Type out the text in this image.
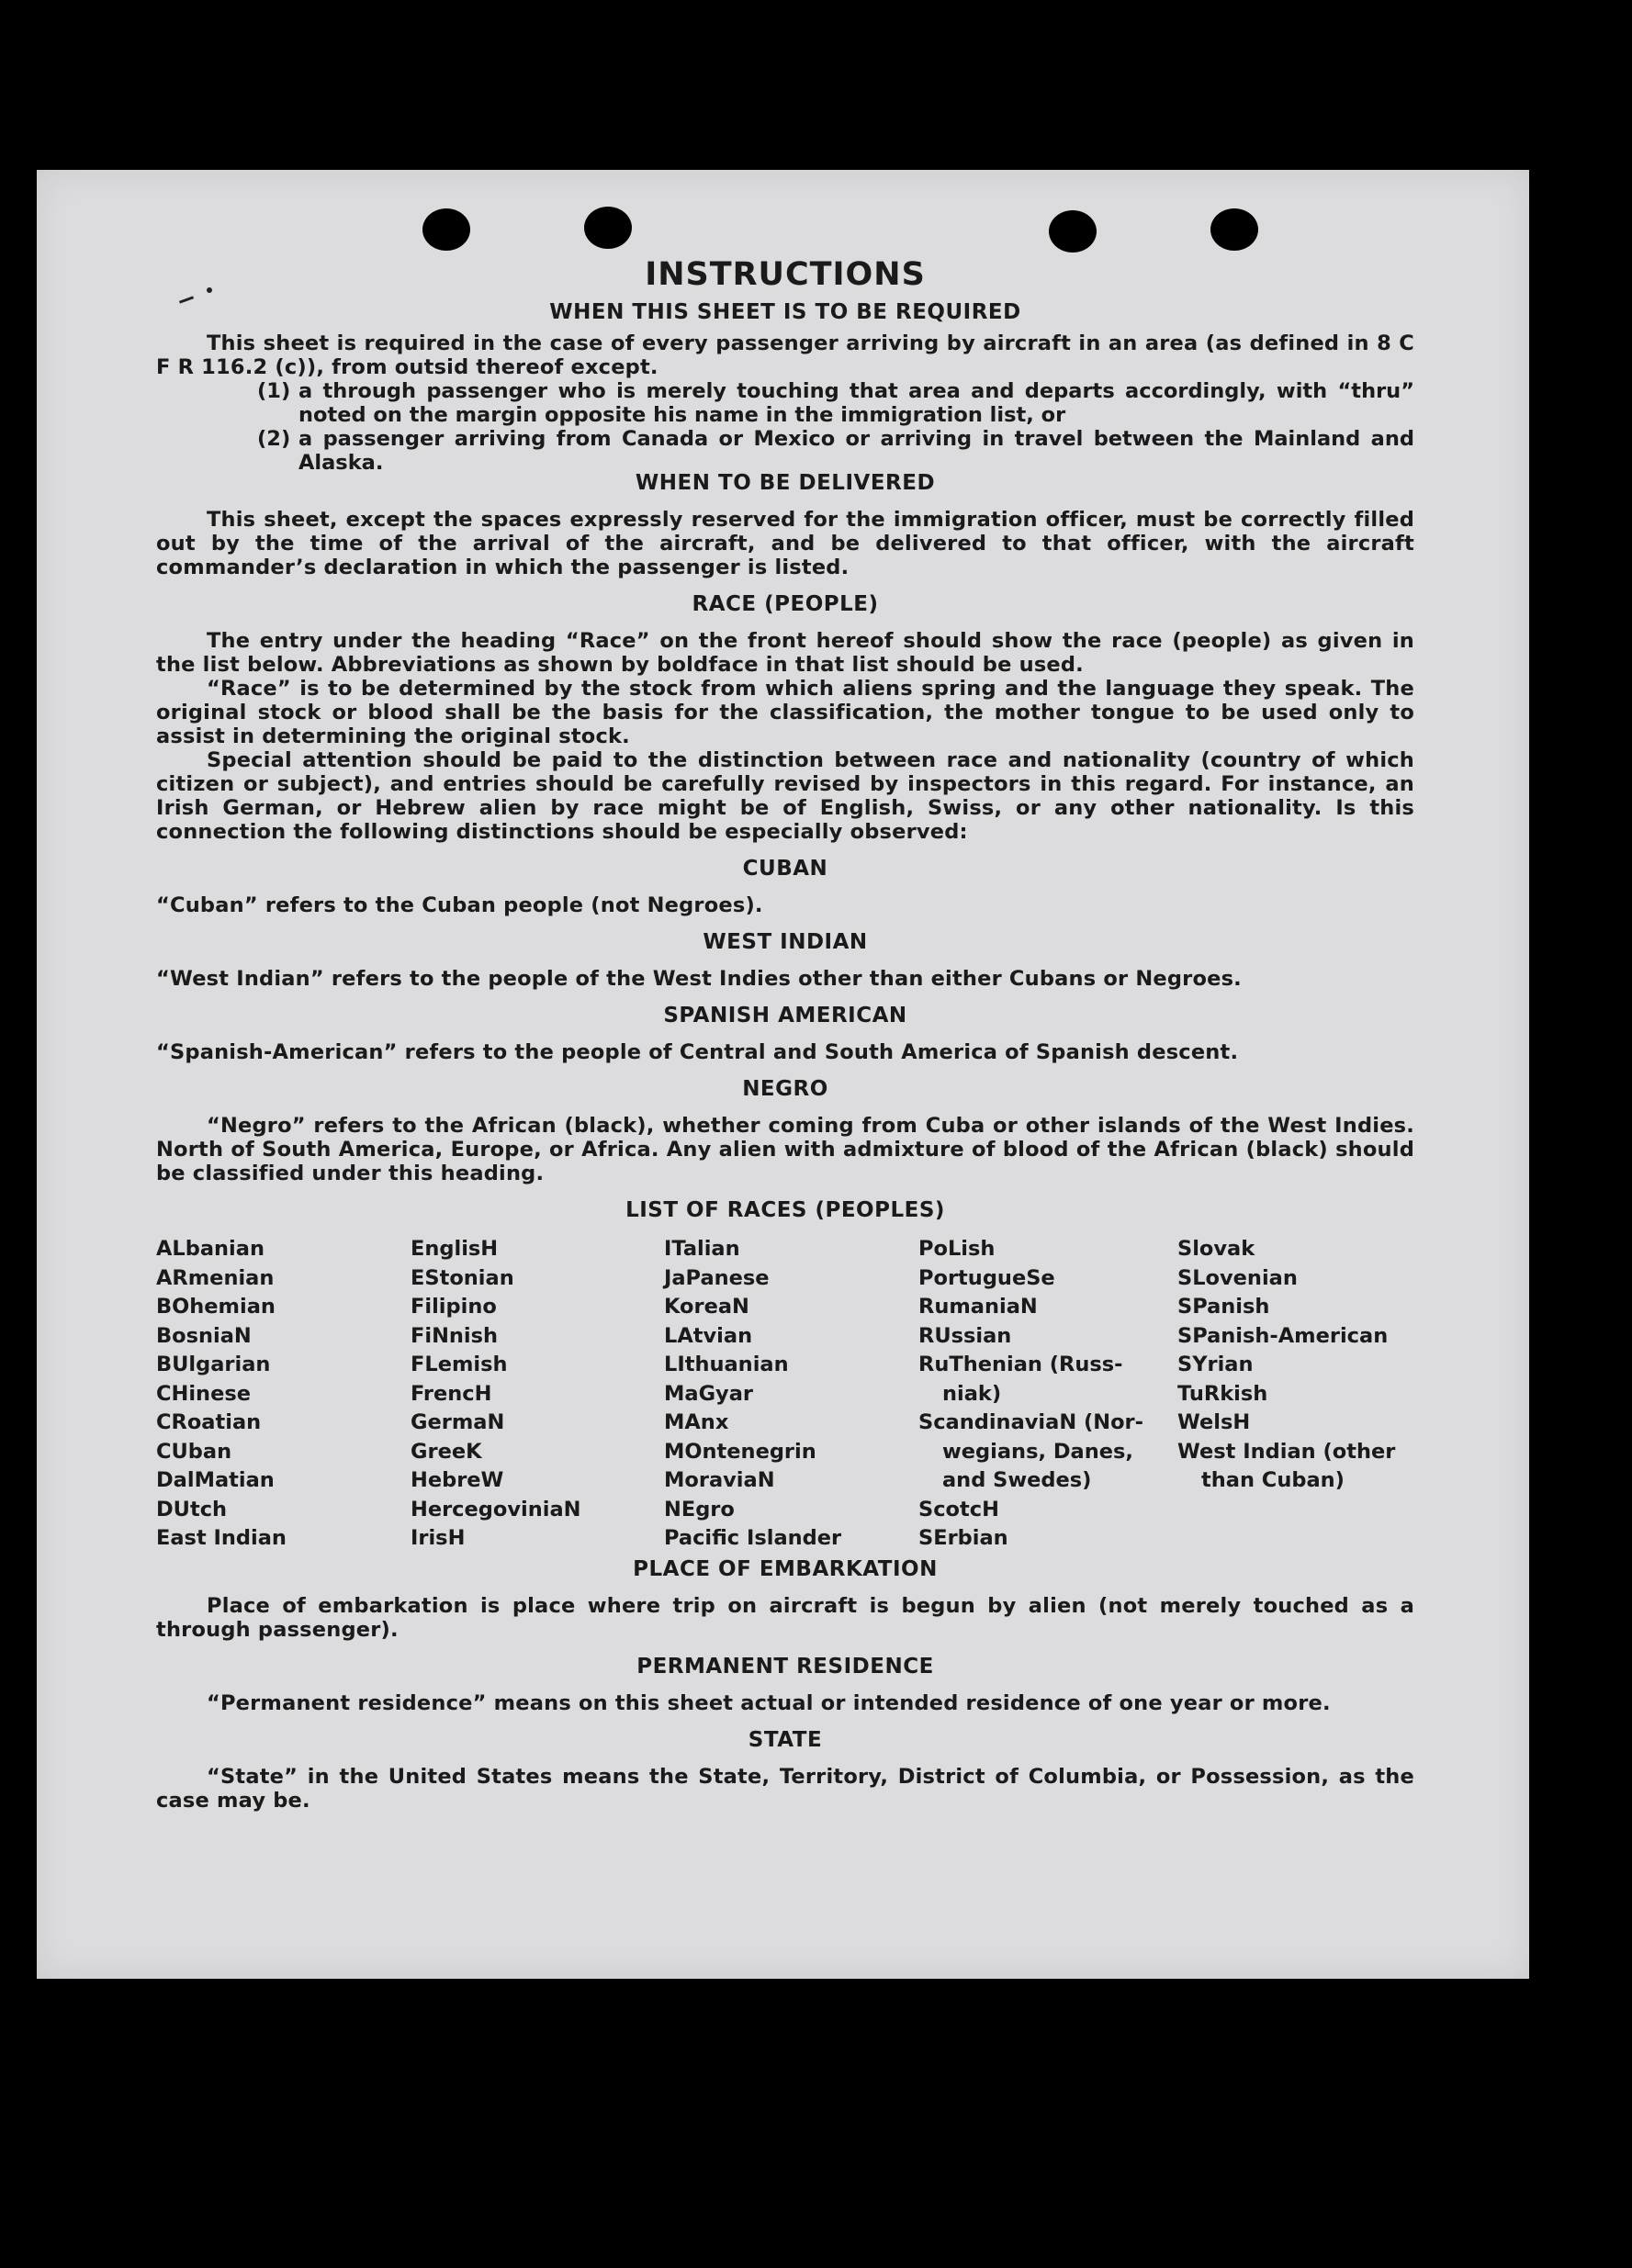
INSTRUCTIONS
WHEN THIS SHEET IS TO BE REQUIRED

This sheet is required in the case of every passenger arriving by aircraft in an area (as defined in 8 C F R 116.2 (c)), from outsid thereof except.

(1) a through passenger who is merely touching that area and departs accordingly, with “thru” noted on the margin opposite his name in the immigration list, or
(2) a passenger arriving from Canada or Mexico or arriving in travel between the Mainland and Alaska.
WHEN TO BE DELIVERED

This sheet, except the spaces expressly reserved for the immigration officer, must be correctly filled out by the time of the arrival of the aircraft, and be delivered to that officer, with the aircraft commander’s declaration in which the passenger is listed.

RACE (PEOPLE)

The entry under the heading “Race” on the front hereof should show the race (people) as given in the list below. Abbreviations as shown by boldface in that list should be used.

“Race” is to be determined by the stock from which aliens spring and the language they speak. The original stock or blood shall be the basis for the classification, the mother tongue to be used only to assist in determining the original stock.

Special attention should be paid to the distinction between race and nationality (country of which citizen or subject), and entries should be carefully revised by inspectors in this regard. For instance, an Irish German, or Hebrew alien by race might be of English, Swiss, or any other nationality. Is this connection the following distinctions should be especially observed:

CUBAN

“Cuban” refers to the Cuban people (not Negroes).

WEST INDIAN

“West Indian” refers to the people of the West Indies other than either Cubans or Negroes.

SPANISH AMERICAN

“Spanish-American” refers to the people of Central and South America of Spanish descent.

NEGRO

“Negro” refers to the African (black), whether coming from Cuba or other islands of the West Indies. North of South America, Europe, or Africa. Any alien with admixture of blood of the African (black) should be classified under this heading.

LIST OF RACES (PEOPLES)
ALbanian
ARmenian
BOhemian
BosniaN
BUlgarian
CHinese
CRoatian
CUban
DalMatian
DUtch
East Indian
EnglisH
EStonian
Filipino
FiNnish
FLemish
FrencH
GermaN
GreeK
HebreW
HercegoviniaN
IrisH
ITalian
JaPanese
KoreaN
LAtvian
LIthuanian
MaGyar
MAnx
MOntenegrin
MoraviaN
NEgro
Pacific Islander
PoLish
PortugueSe
RumaniaN
RUssian
RuThenian (Russ-
niak)
ScandinaviaN (Nor-
wegians, Danes,
and Swedes)
ScotcH
SErbian
Slovak
SLovenian
SPanish
SPanish-American
SYrian
TuRkish
WelsH
West Indian (other
than Cuban)
PLACE OF EMBARKATION

Place of embarkation is place where trip on aircraft is begun by alien (not merely touched as a through passenger).

PERMANENT RESIDENCE

“Permanent residence” means on this sheet actual or intended residence of one year or more.

STATE

“State” in the United States means the State, Territory, District of Columbia, or Possession, as the case may be.
